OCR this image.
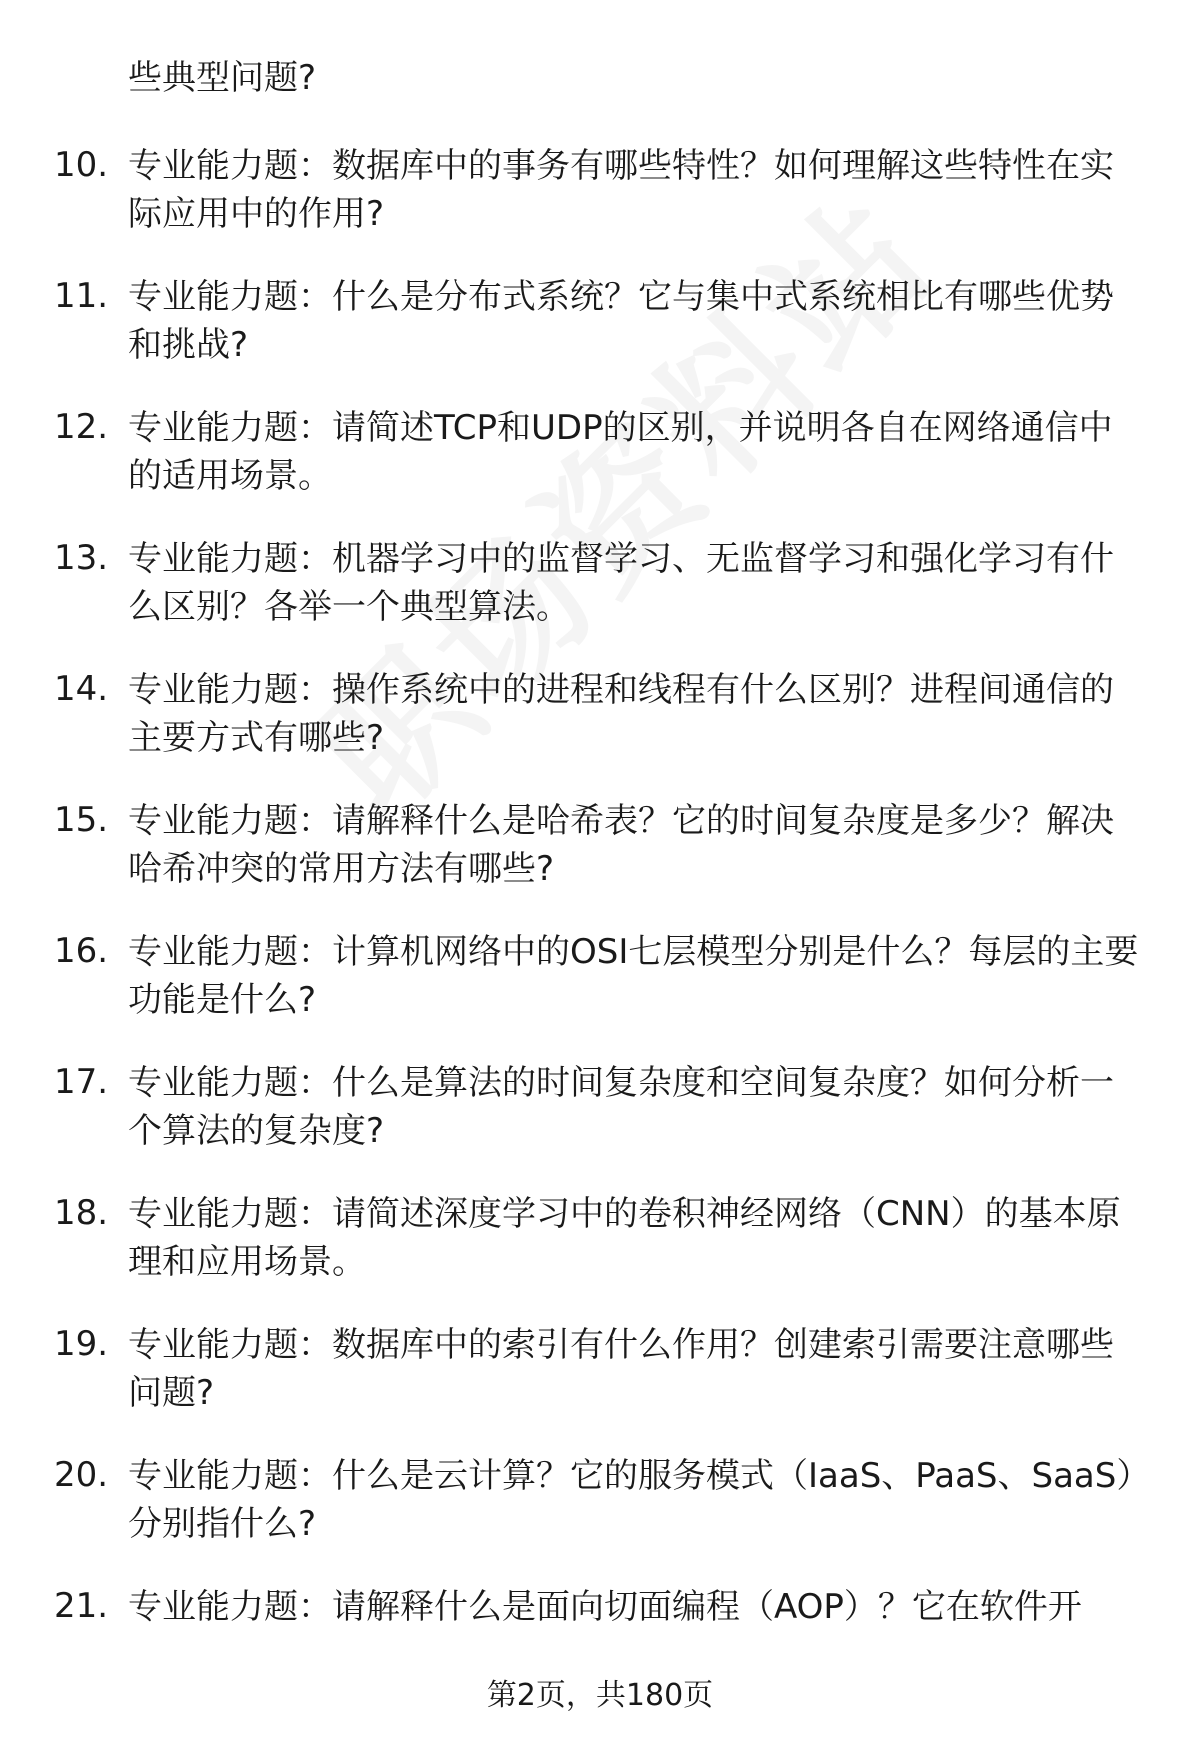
些典型问题?
10. 专业能力题：数据库中的事务有哪些特性？如何理解这些特性在实际应用中的作用?
11. 专业能力题：什么是分布式系统？它与集中式系统相比有哪些优势和挑战?
12. 专业能力题：请简述TCP和UDP的区别，并说明各自在网络通信中的适用场景。
13. 专业能力题：机器学习中的监督学习、无监督学习和强化学习有什么区别？各举一个典型算法。
14. 专业能力题：操作系统中的进程和线程有什么区别？进程间通信的主要方式有哪些?
15. 专业能力题：请解释什么是哈希表？它的时间复杂度是多少？解决哈希冲突的常用方法有哪些?
16. 专业能力题：计算机网络中的OSI七层模型分别是什么？每层的主要功能是什么?
17. 专业能力题：什么是算法的时间复杂度和空间复杂度？如何分析一个算法的复杂度?
18. 专业能力题：请简述深度学习中的卷积神经网络（CNN）的基本原理和应用场景。
19. 专业能力题：数据库中的索引有什么作用？创建索引需要注意哪些问题?
20. 专业能力题：什么是云计算？它的服务模式（IaaS、PaaS、SaaS）分别指什么?
21. 专业能力题：请解释什么是面向切面编程（AOP）？它在软件开
第2页，共180页
